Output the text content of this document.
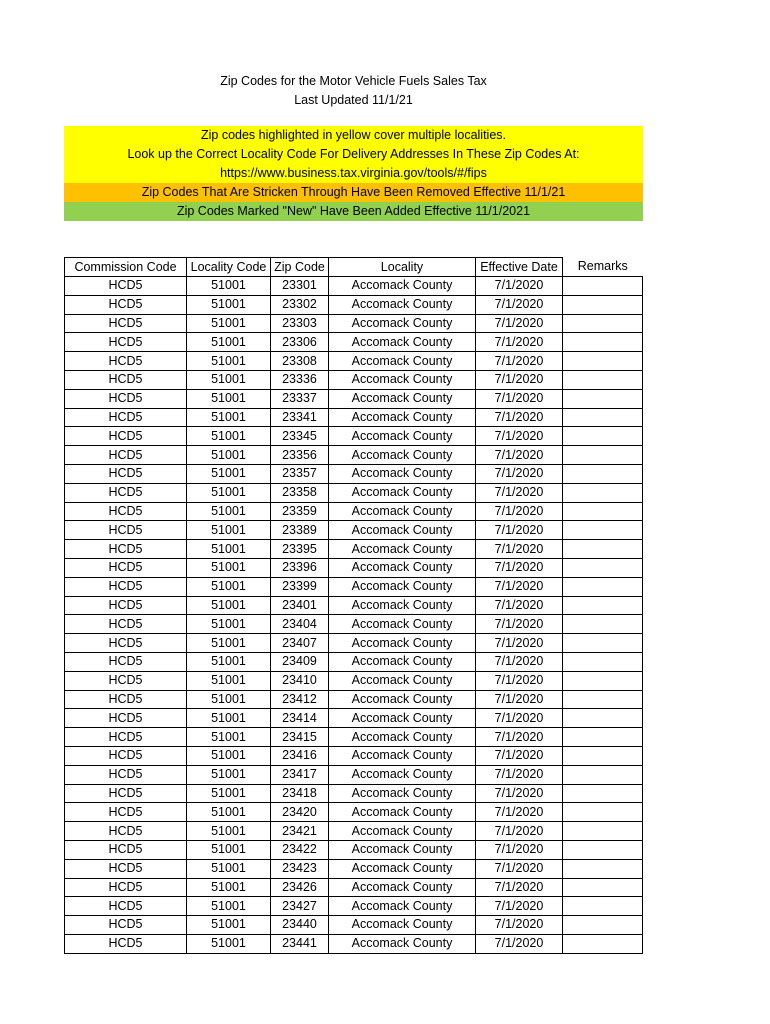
Zip Codes for the Motor Vehicle Fuels Sales Tax
Last Updated 11/1/21
Zip codes highlighted in yellow cover multiple localities.
Look up the Correct Locality Code For Delivery Addresses In These Zip Codes At:
https://www.business.tax.virginia.gov/tools/#/fips
Zip Codes That Are Stricken Through Have Been Removed Effective 11/1/21
Zip Codes Marked "New" Have Been Added Effective 11/1/2021
Commission Code	Locality Code	Zip Code	Locality	Effective Date	Remarks
HCD5	51001	23301	Accomack County	7/1/2020	
HCD5	51001	23302	Accomack County	7/1/2020	
HCD5	51001	23303	Accomack County	7/1/2020	
HCD5	51001	23306	Accomack County	7/1/2020	
HCD5	51001	23308	Accomack County	7/1/2020	
HCD5	51001	23336	Accomack County	7/1/2020	
HCD5	51001	23337	Accomack County	7/1/2020	
HCD5	51001	23341	Accomack County	7/1/2020	
HCD5	51001	23345	Accomack County	7/1/2020	
HCD5	51001	23356	Accomack County	7/1/2020	
HCD5	51001	23357	Accomack County	7/1/2020	
HCD5	51001	23358	Accomack County	7/1/2020	
HCD5	51001	23359	Accomack County	7/1/2020	
HCD5	51001	23389	Accomack County	7/1/2020	
HCD5	51001	23395	Accomack County	7/1/2020	
HCD5	51001	23396	Accomack County	7/1/2020	
HCD5	51001	23399	Accomack County	7/1/2020	
HCD5	51001	23401	Accomack County	7/1/2020	
HCD5	51001	23404	Accomack County	7/1/2020	
HCD5	51001	23407	Accomack County	7/1/2020	
HCD5	51001	23409	Accomack County	7/1/2020	
HCD5	51001	23410	Accomack County	7/1/2020	
HCD5	51001	23412	Accomack County	7/1/2020	
HCD5	51001	23414	Accomack County	7/1/2020	
HCD5	51001	23415	Accomack County	7/1/2020	
HCD5	51001	23416	Accomack County	7/1/2020	
HCD5	51001	23417	Accomack County	7/1/2020	
HCD5	51001	23418	Accomack County	7/1/2020	
HCD5	51001	23420	Accomack County	7/1/2020	
HCD5	51001	23421	Accomack County	7/1/2020	
HCD5	51001	23422	Accomack County	7/1/2020	
HCD5	51001	23423	Accomack County	7/1/2020	
HCD5	51001	23426	Accomack County	7/1/2020	
HCD5	51001	23427	Accomack County	7/1/2020	
HCD5	51001	23440	Accomack County	7/1/2020	
HCD5	51001	23441	Accomack County	7/1/2020	
